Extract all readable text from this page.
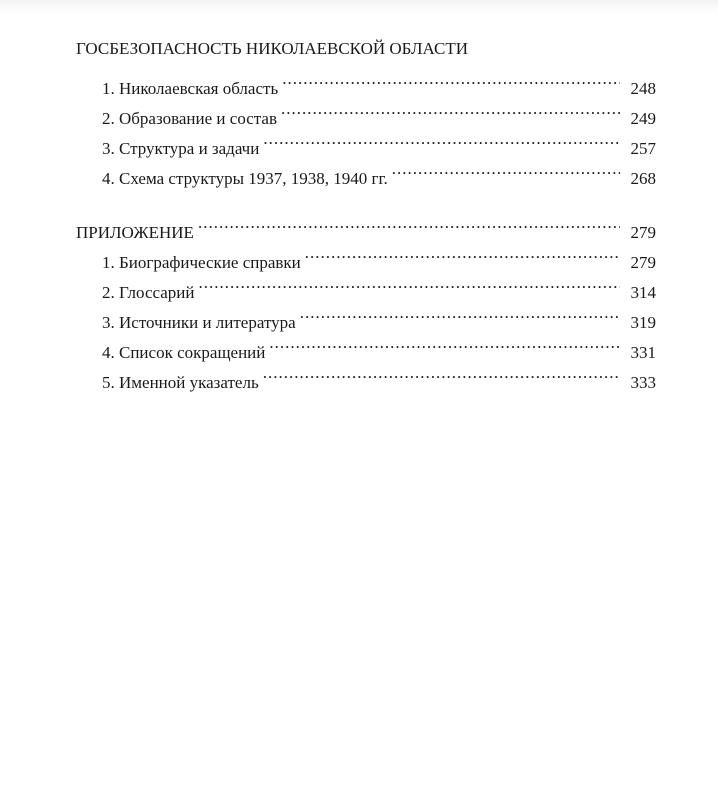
ГОСБЕЗОПАСНОСТЬ НИКОЛАЕВСКОЙ ОБЛАСТИ
1. Николаевская область .....	248
2. Образование и состав .....	249
3. Структура и задачи .....	257
4. Схема структуры 1937, 1938, 1940 гг. .....	268
ПРИЛОЖЕНИЕ .....	279
1. Биографические справки .....	279
2. Глоссарий .....	314
3. Источники и литература .....	319
4. Список сокращений .....	331
5. Именной указатель .....	333
